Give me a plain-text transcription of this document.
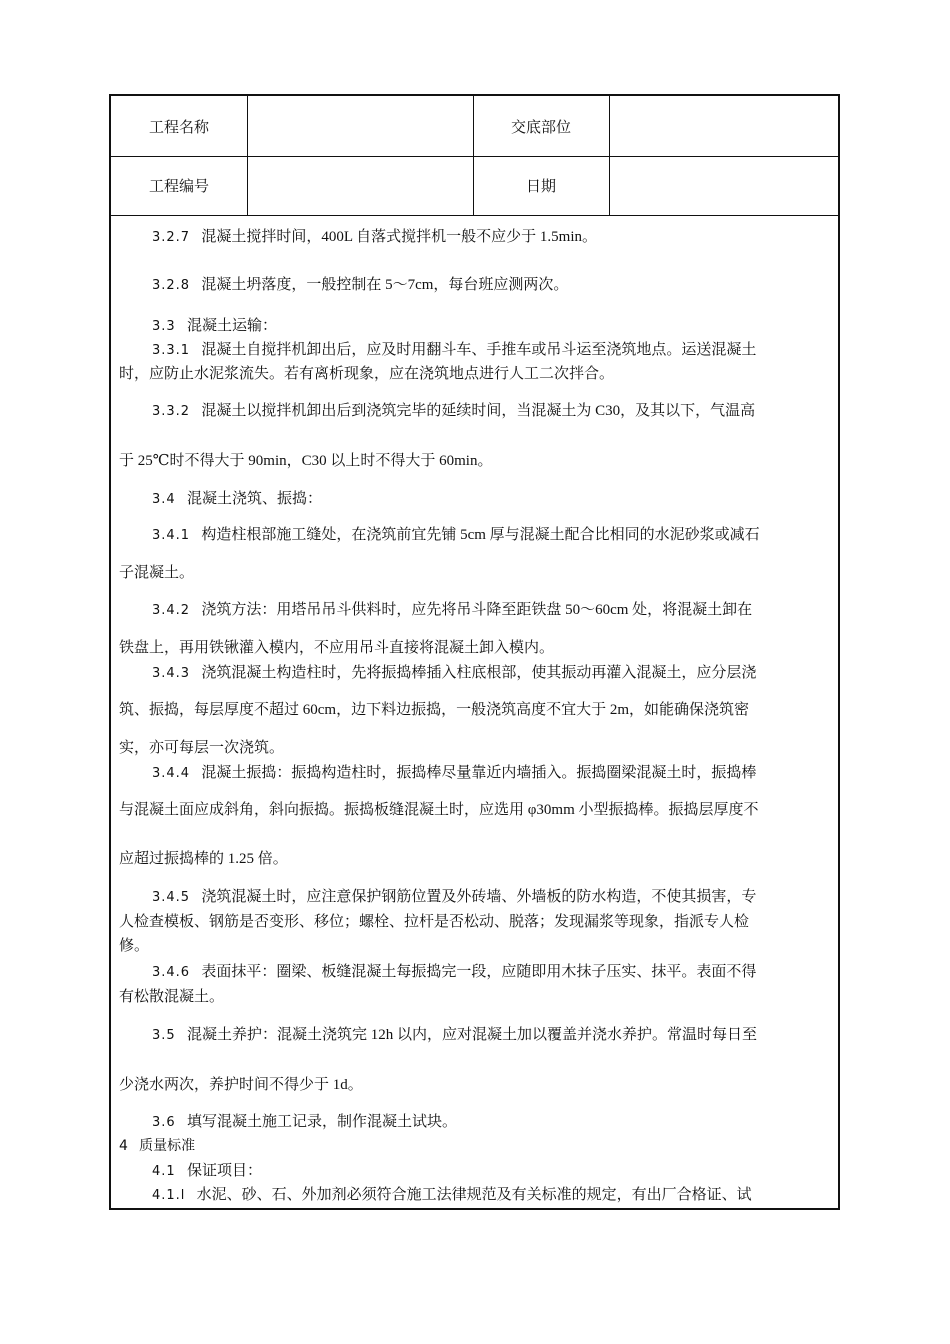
工程名称	交底部位
工程编号	日期
3.2.7 混凝土搅拌时间，400L 自落式搅拌机一般不应少于 1.5min。
3.2.8 混凝土坍落度，一般控制在 5～7cm，每台班应测两次。
3.3 混凝土运输：
3.3.1 混凝土自搅拌机卸出后，应及时用翻斗车、手推车或吊斗运至浇筑地点。运送混凝土
时，应防止水泥浆流失。若有离析现象，应在浇筑地点进行人工二次拌合。
3.3.2 混凝土以搅拌机卸出后到浇筑完毕的延续时间，当混凝土为 C30，及其以下，气温高
于 25℃时不得大于 90min，C30 以上时不得大于 60min。
3.4 混凝土浇筑、振捣：
3.4.1 构造柱根部施工缝处，在浇筑前宜先铺 5cm 厚与混凝土配合比相同的水泥砂浆或减石
子混凝土。
3.4.2 浇筑方法：用塔吊吊斗供料时，应先将吊斗降至距铁盘 50～60cm 处，将混凝土卸在
铁盘上，再用铁锹灌入模内，不应用吊斗直接将混凝土卸入模内。
3.4.3 浇筑混凝土构造柱时，先将振捣棒插入柱底根部，使其振动再灌入混凝土，应分层浇
筑、振捣，每层厚度不超过 60cm，边下料边振捣，一般浇筑高度不宜大于 2m，如能确保浇筑密
实，亦可每层一次浇筑。
3.4.4 混凝土振捣：振捣构造柱时，振捣棒尽量靠近内墙插入。振捣圈梁混凝土时，振捣棒
与混凝土面应成斜角，斜向振捣。振捣板缝混凝土时，应选用 φ30mm 小型振捣棒。振捣层厚度不
应超过振捣棒的 1.25 倍。
3.4.5 浇筑混凝土时，应注意保护钢筋位置及外砖墙、外墙板的防水构造，不使其损害，专
人检查模板、钢筋是否变形、移位；螺栓、拉杆是否松动、脱落；发现漏浆等现象，指派专人检
修。
3.4.6 表面抹平：圈梁、板缝混凝土每振捣完一段，应随即用木抹子压实、抹平。表面不得
有松散混凝土。
3.5 混凝土养护：混凝土浇筑完 12h 以内，应对混凝土加以覆盖并浇水养护。常温时每日至
少浇水两次，养护时间不得少于 1d。
3.6 填写混凝土施工记录，制作混凝土试块。
4 质量标准
4.1 保证项目：
4.1.l 水泥、砂、石、外加剂必须符合施工法律规范及有关标准的规定，有出厂合格证、试
